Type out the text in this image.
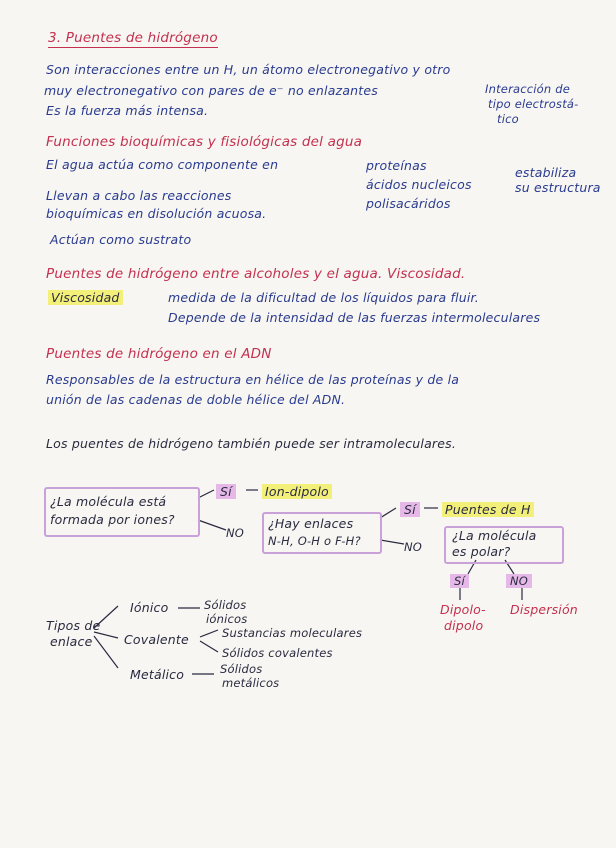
3. Puentes de hidrógeno
Son interacciones entre un H, un átomo electronegativo y otro
muy electronegativo con pares de e⁻ no enlazantes
Es la fuerza más intensa.
Interacción de
tipo electrostá-
tico
Funciones bioquímicas y fisiológicas del agua
El agua actúa como componente en	proteínas
ácidos nucleicos
polisacáridos
estabiliza
su estructura
Llevan a cabo las reacciones
bioquímicas en disolución acuosa.
Actúan como sustrato
Puentes de hidrógeno entre alcoholes y el agua. Viscosidad.
Viscosidad	medida de la dificultad de los líquidos para fluir.
Depende de la intensidad de las fuerzas intermoleculares
Puentes de hidrógeno en el ADN
Responsables de la estructura en hélice de las proteínas y de la
unión de las cadenas de doble hélice del ADN.
Los puentes de hidrógeno también puede ser intramoleculares.
¿La molécula está
formada por iones?
Sí	Ion-dipolo
NO
¿Hay enlaces
N-H, O-H o F-H?
Sí	Puentes de H
NO
¿La molécula
es polar?
Sí	NO
Dipolo-
dipolo
Dispersión
Tipos de
enlace
Iónico	Sólidos
iónicos
Covalente	Sustancias moleculares
Sólidos covalentes
Metálico	Sólidos
metálicos
